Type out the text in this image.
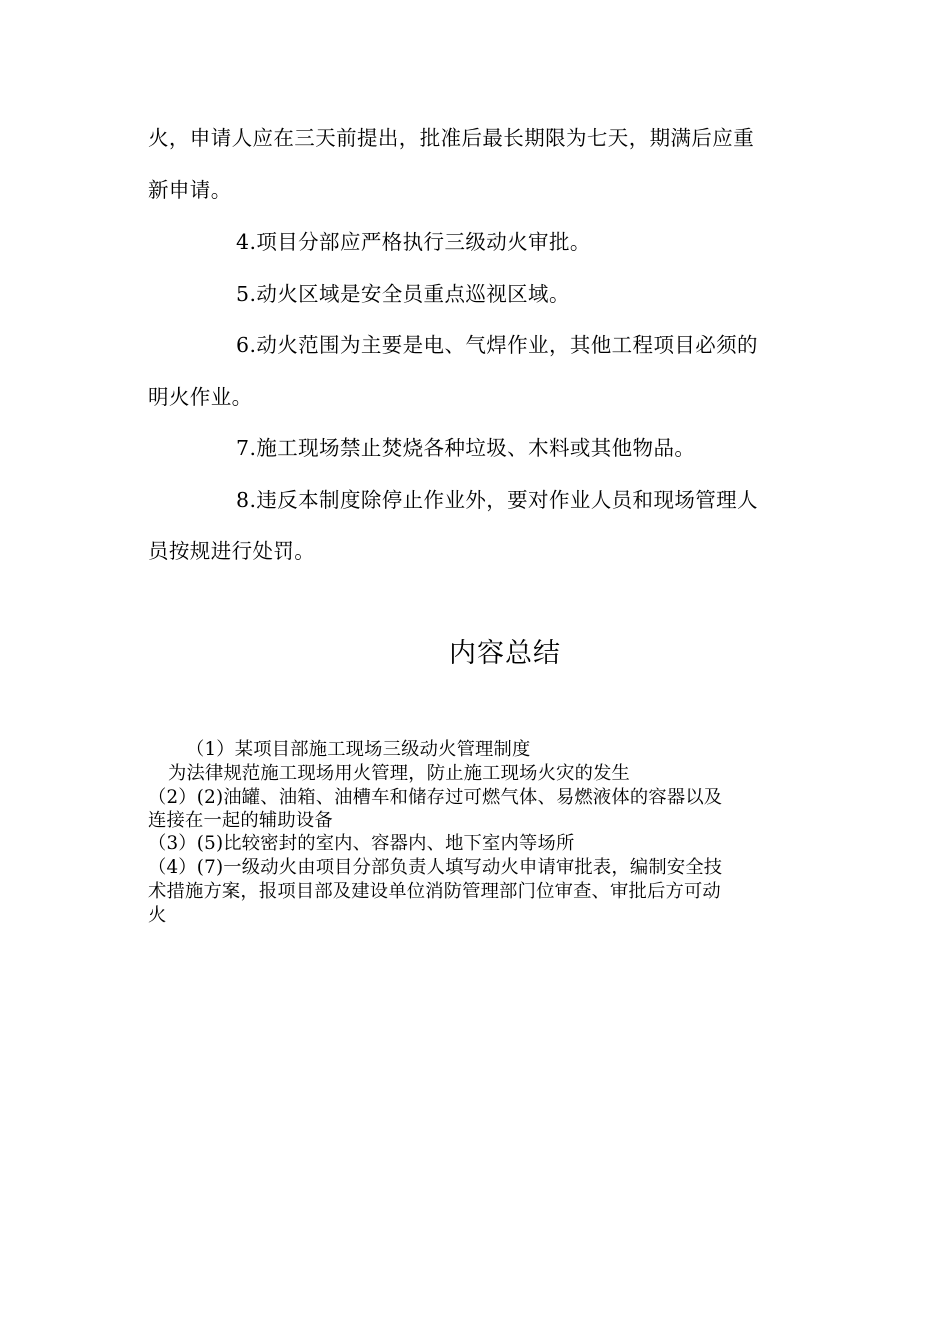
火，申请人应在三天前提出，批准后最长期限为七天，期满后应重
新申请。
4.项目分部应严格执行三级动火审批。
5.动火区域是安全员重点巡视区域。
6.动火范围为主要是电、气焊作业，其他工程项目必须的
明火作业。
7.施工现场禁止焚烧各种垃圾、木料或其他物品。
8.违反本制度除停止作业外，要对作业人员和现场管理人
员按规进行处罚。
内容总结
（1）某项目部施工现场三级动火管理制度
为法律规范施工现场用火管理，防止施工现场火灾的发生
（2）(2)油罐、油箱、油槽车和储存过可燃气体、易燃液体的容器以及
连接在一起的辅助设备
（3）(5)比较密封的室内、容器内、地下室内等场所
（4）(7)一级动火由项目分部负责人填写动火申请审批表，编制安全技
术措施方案，报项目部及建设单位消防管理部门位审查、审批后方可动
火
